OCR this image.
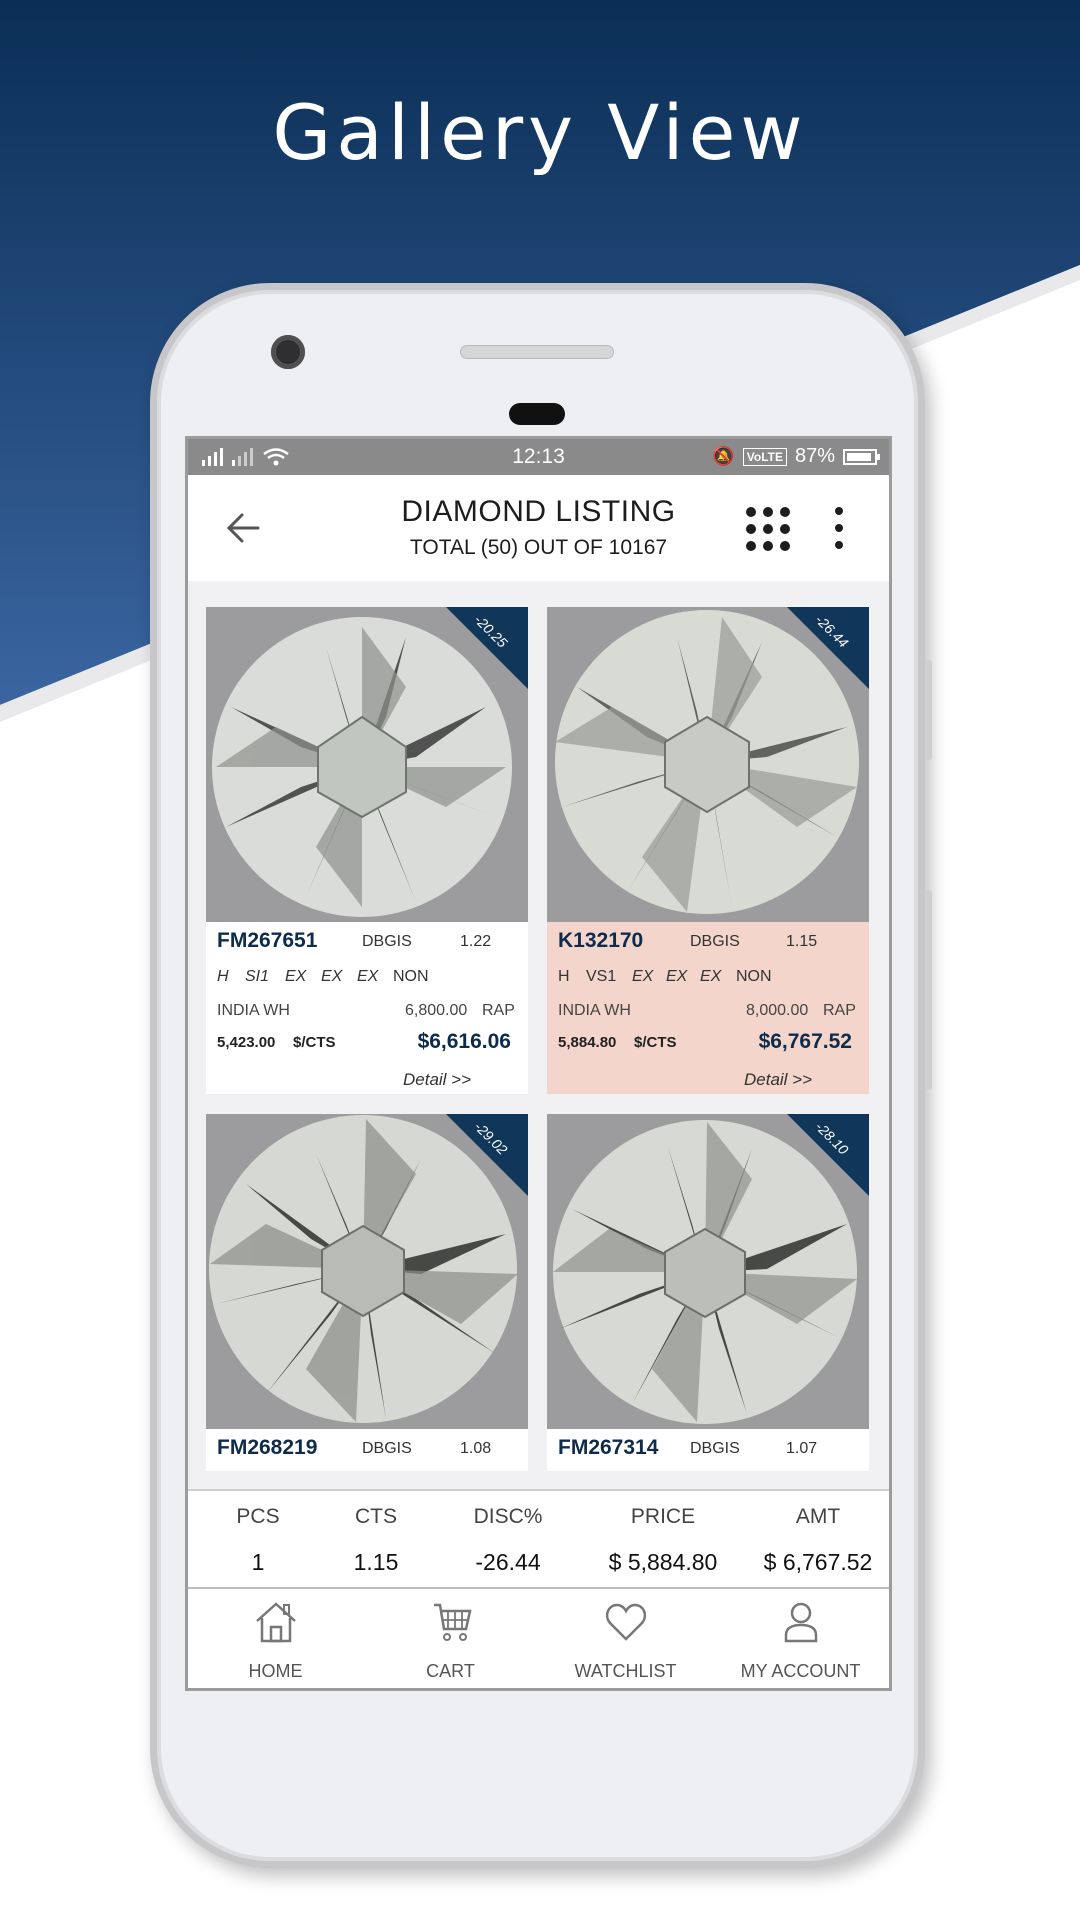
Gallery View
12:13	🔕	VoLTE 87%
DIAMOND LISTING
TOTAL (50) OUT OF 10167
-20.25
FM267651	DBGIS	1.22
H SI1 EX EX EX NON
INDIA WH	6,800.00 RAP
5,423.00 $/CTS	$6,616.06
Detail >>
-26.44
K132170	DBGIS	1.15
H VS1 EX EX EX NON
INDIA WH	8,000.00 RAP
5,884.80 $/CTS	$6,767.52
Detail >>
-29.02
FM268219	DBGIS	1.08
-28.10
FM267314 DBGIS	1.07
PCS	CTS	DISC%	PRICE	AMT
1	1.15	-26.44	$ 5,884.80	$ 6,767.52
HOME	CART	WATCHLIST	MY ACCOUNT
